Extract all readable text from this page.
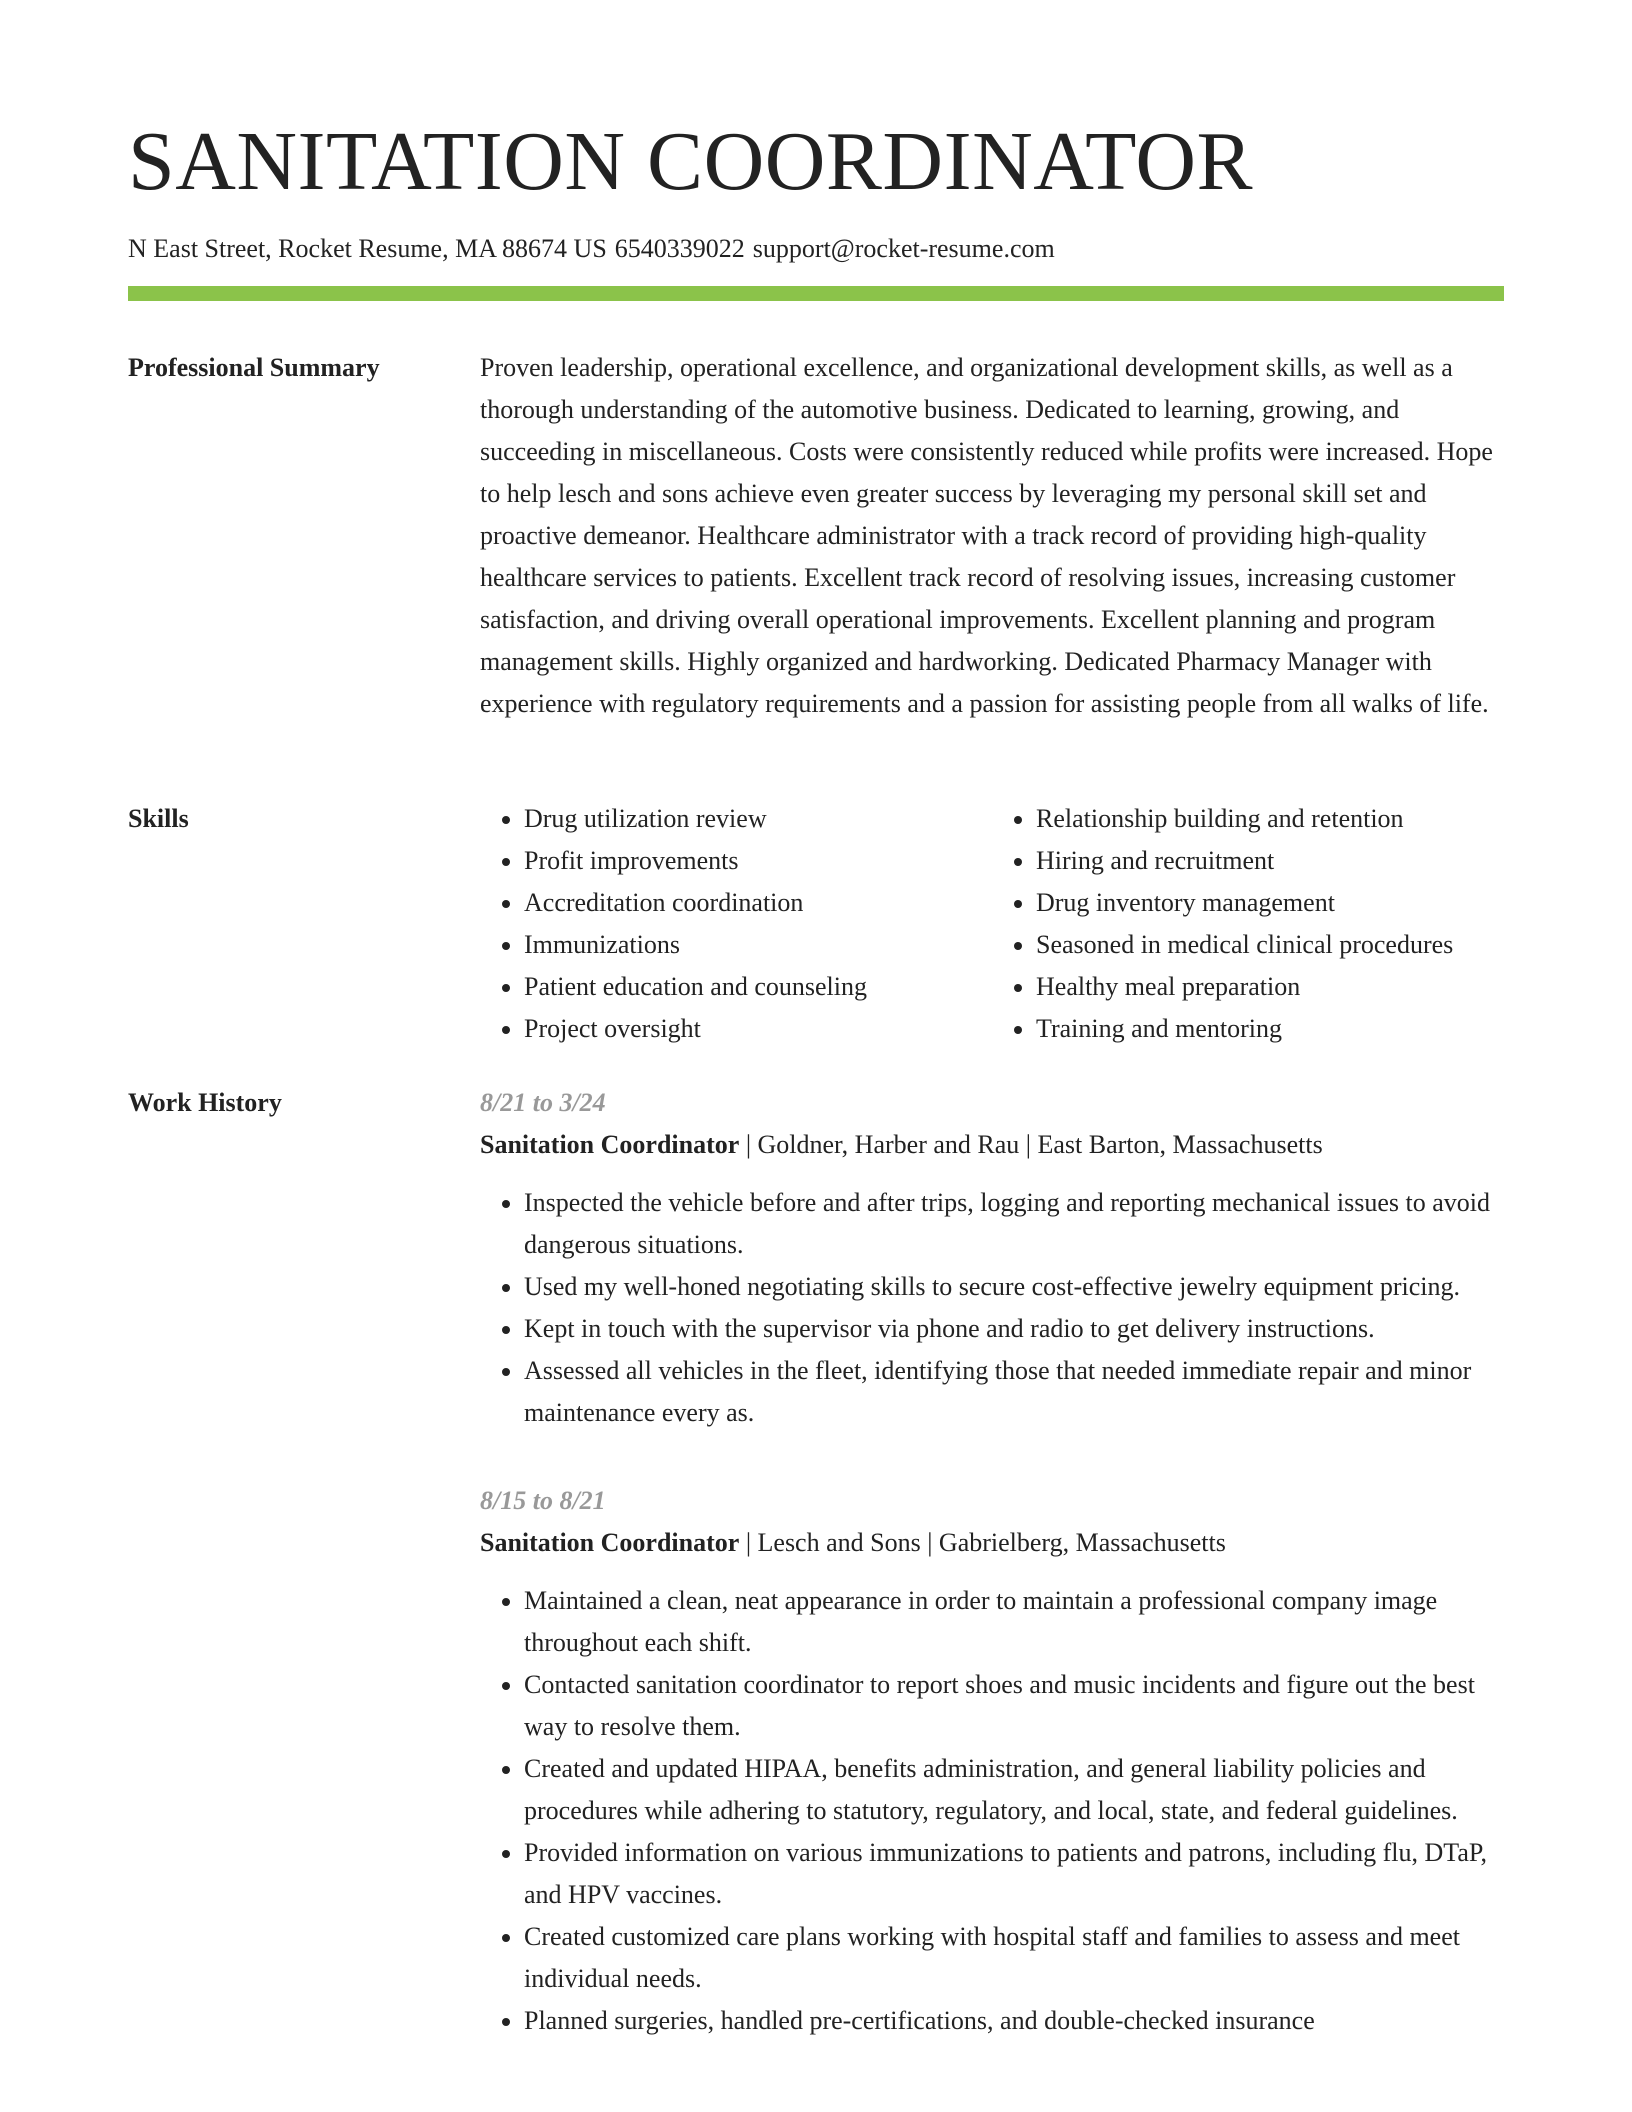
SANITATION COORDINATOR
N East Street, Rocket Resume, MA 88674 US 6540339022 support@rocket-resume.com
Professional Summary	Proven leadership, operational excellence, and organizational development skills, as well as a thorough understanding of the automotive business. Dedicated to learning, growing, and succeeding in miscellaneous. Costs were consistently reduced while profits were increased. Hope to help lesch and sons achieve even greater success by leveraging my personal skill set and proactive demeanor. Healthcare administrator with a track record of providing high-quality healthcare services to patients. Excellent track record of resolving issues, increasing customer satisfaction, and driving overall operational improvements. Excellent planning and program management skills. Highly organized and hardworking. Dedicated Pharmacy Manager with experience with regulatory requirements and a passion for assisting people from all walks of life.

Skills
•	Drug utilization review
• Profit improvements
• Accreditation coordination
• Immunizations
• Patient education and counseling
• Project oversight
• Relationship building and retention
• Hiring and recruitment
• Drug inventory management
• Seasoned in medical clinical procedures
• Healthy meal preparation
• Training and mentoring
Work History	8/21 to 3/24
Sanitation Coordinator | Goldner, Harber and Rau | East Barton, Massachusetts
• Inspected the vehicle before and after trips, logging and reporting mechanical issues to avoid dangerous situations.
• Used my well-honed negotiating skills to secure cost-effective jewelry equipment pricing.
• Kept in touch with the supervisor via phone and radio to get delivery instructions.
• Assessed all vehicles in the fleet, identifying those that needed immediate repair and minor maintenance every as.
8/15 to 8/21
Sanitation Coordinator | Lesch and Sons | Gabrielberg, Massachusetts
• Maintained a clean, neat appearance in order to maintain a professional company image throughout each shift.
• Contacted sanitation coordinator to report shoes and music incidents and figure out the best way to resolve them.
• Created and updated HIPAA, benefits administration, and general liability policies and procedures while adhering to statutory, regulatory, and local, state, and federal guidelines.
• Provided information on various immunizations to patients and patrons, including flu, DTaP, and HPV vaccines.
• Created customized care plans working with hospital staff and families to assess and meet individual needs.
• Planned surgeries, handled pre-certifications, and double-checked insurance
